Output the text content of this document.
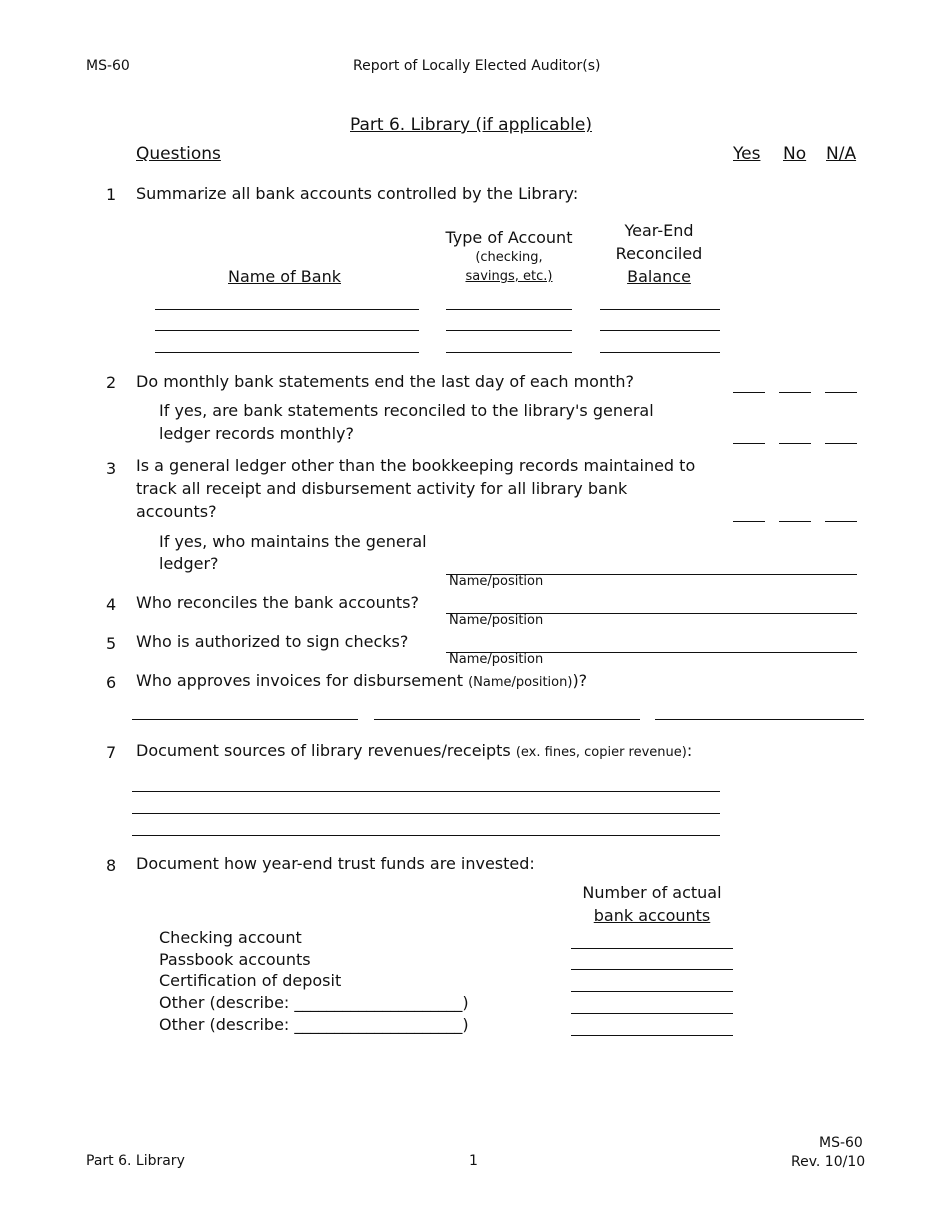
MS-60	Report of Locally Elected Auditor(s)
Part 6. Library (if applicable)
Questions	Yes No N/A
1 Summarize all bank accounts controlled by the Library:
Name of Bank
Type of Account
(checking,
savings, etc.)
Year-End
Reconciled
Balance
2 Do monthly bank statements end the last day of each month?
If yes, are bank statements reconciled to the library's general
ledger records monthly?
3 Is a general ledger other than the bookkeeping records maintained to
track all receipt and disbursement activity for all library bank
accounts?
If yes, who maintains the general
ledger?
Name/position
4 Who reconciles the bank accounts?
Name/position
5 Who is authorized to sign checks?
Name/position
6 Who approves invoices for disbursement (Name/position))?
7 Document sources of library revenues/receipts (ex. fines, copier revenue):
8 Document how year-end trust funds are invested:
Number of actual
bank accounts
Checking account
Passbook accounts
Certification of deposit
Other (describe: _____________________)
Other (describe: _____________________)
Part 6. Library	1
MS-60
Rev. 10/10
